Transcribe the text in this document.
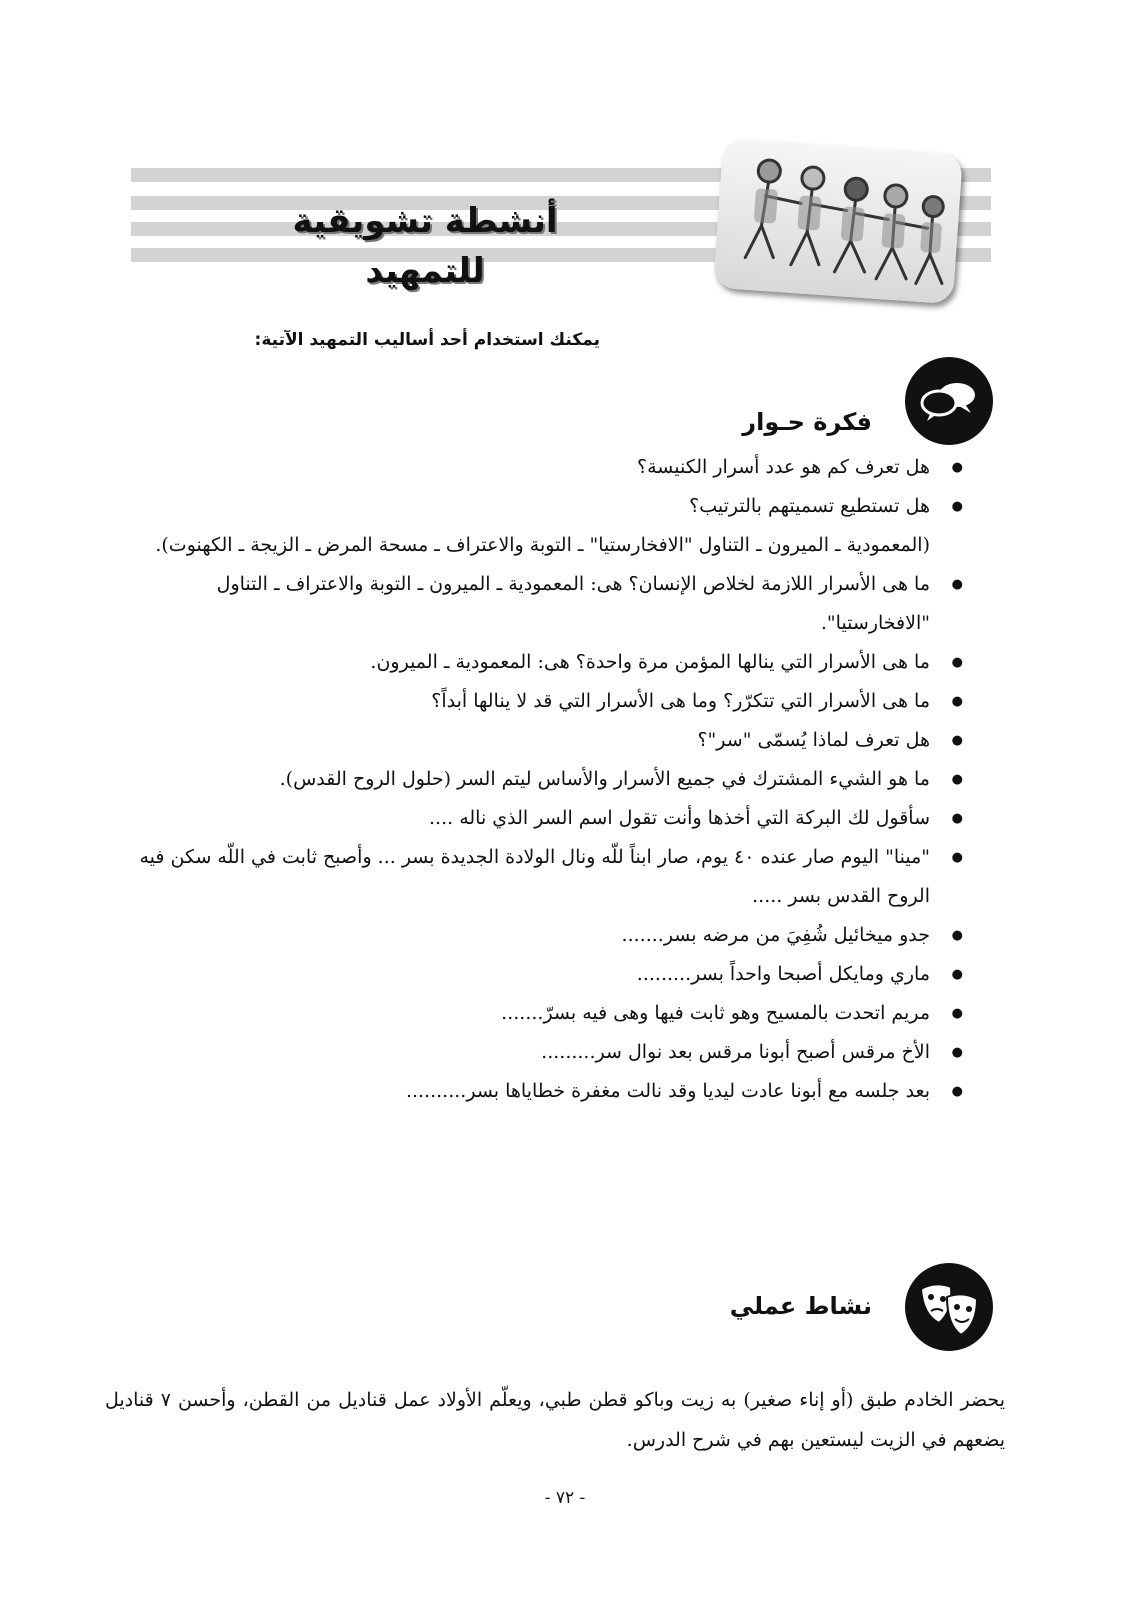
أنشطة تشويقية للتمهيد
يمكنك استخدام أحد أساليب التمهيد الآتية:
فكرة حـوار
● هل تعرف كم هو عدد أسرار الكنيسة؟
● هل تستطيع تسميتهم بالترتيب؟
(المعمودية ـ الميرون ـ التناول "الافخارستيا" ـ التوبة والاعتراف ـ مسحة المرض ـ الزيجة ـ الكهنوت).
● ما هى الأسرار اللازمة لخلاص الإنسان؟ هى: المعمودية ـ الميرون ـ التوبة والاعتراف ـ التناول "الافخارستيا".
● ما هى الأسرار التي ينالها المؤمن مرة واحدة؟ هى: المعمودية ـ الميرون.
● ما هى الأسرار التي تتكرّر؟ وما هى الأسرار التي قد لا ينالها أبداً؟
● هل تعرف لماذا يُسمّى "سر"؟
● ما هو الشيء المشترك في جميع الأسرار والأساس ليتم السر (حلول الروح القدس).
● سأقول لك البركة التي أخذها وأنت تقول اسم السر الذي ناله ....
● "مينا" اليوم صار عنده ٤٠ يوم، صار ابناً للّه ونال الولادة الجديدة بسر ... وأصبح ثابت في اللّه سكن فيه الروح القدس بسر .....
● جدو ميخائيل شُفِيَ من مرضه بسر.......
● ماري ومايكل أصبحا واحداً بسر.........
● مريم اتحدت بالمسيح وهو ثابت فيها وهى فيه بسرّ.......
● الأخ مرقس أصبح أبونا مرقس بعد نوال سر.........
● بعد جلسه مع أبونا عادت ليديا وقد نالت مغفرة خطاياها بسر..........
نشاط عملي
يحضر الخادم طبق (أو إناء صغير) به زيت وباكو قطن طبي، ويعلّم الأولاد عمل قناديل من القطن، وأحسن ٧ قناديل يضعهم في الزيت ليستعين بهم في شرح الدرس.
- ٧٢ -
